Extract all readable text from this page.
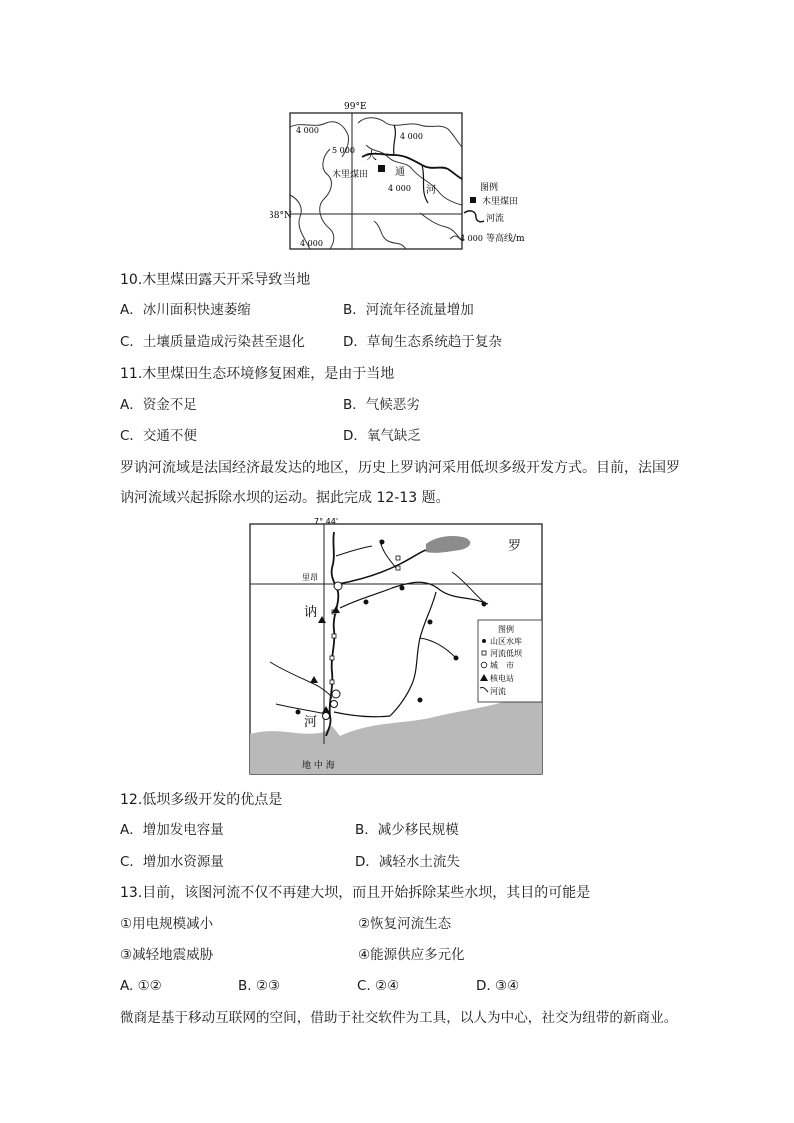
99°E
38°N
4 000
4 000
5 000
4 000
4 000
木里煤田
大
通
河	图例
木里煤田
河流
4 000 等高线/m
10.木里煤田露天开采导致当地
A．冰川面积快速萎缩	B．河流年径流量增加
C．土壤质量造成污染甚至退化	D．草甸生态系统趋于复杂
11.木里煤田生态环境修复困难，是由于当地
A．资金不足	B．气候恶劣
C．交通不便	D．氧气缺乏
罗讷河流域是法国经济最发达的地区，历史上罗讷河采用低坝多级开发方式。目前，法国罗
讷河流域兴起拆除水坝的运动。据此完成 12-13 题。
7° 44'
里昂
罗
讷
河
地 中 海
图例
山区水库
河流低坝
城　市
核电站
河流
12.低坝多级开发的优点是
A．增加发电容量	B．减少移民规模
C．增加水资源量	D．减轻水土流失
13.目前，该图河流不仅不再建大坝，而且开始拆除某些水坝，其目的可能是
①用电规模减小	②恢复河流生态
③减轻地震威胁	④能源供应多元化
A. ①②	B. ②③	C. ②④	D. ③④
微商是基于移动互联网的空间，借助于社交软件为工具，以人为中心，社交为纽带的新商业。
